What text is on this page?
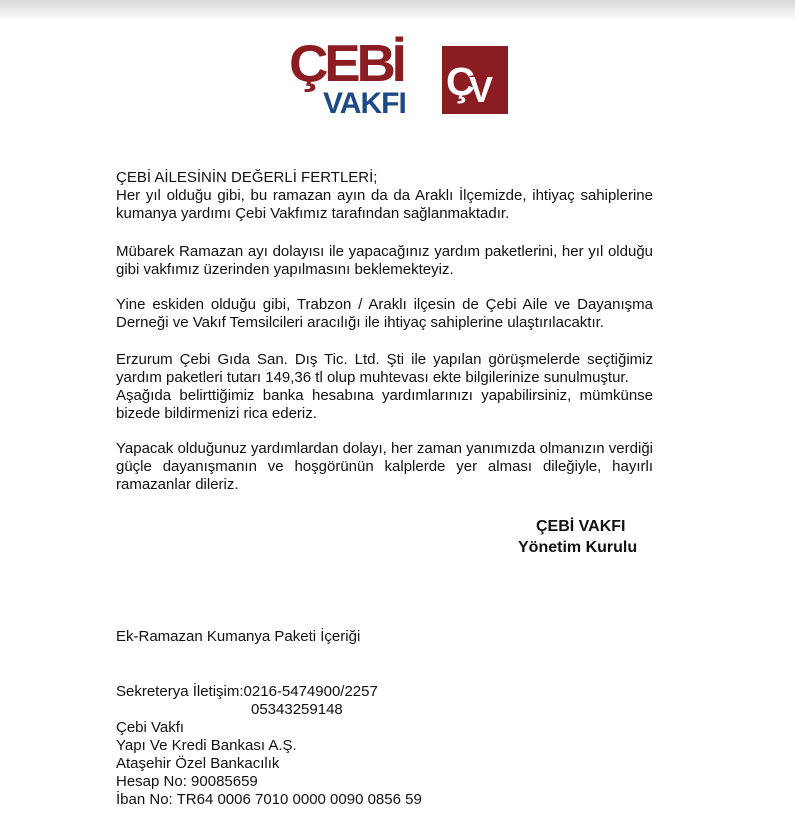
ÇEBİ
VAKFI Ç
V
ÇEBİ AİLESİNİN DEĞERLİ FERTLERİ;

Her yıl olduğu gibi, bu ramazan ayın da da Araklı İlçemizde, ihtiyaç sahiplerine kumanya yardımı Çebi Vakfımız tarafından sağlanmaktadır.

Mübarek Ramazan ayı dolayısı ile yapacağınız yardım paketlerini, her yıl olduğu gibi vakfımız üzerinden yapılmasını beklemekteyiz.

Yine eskiden olduğu gibi, Trabzon / Araklı ilçesin de Çebi Aile ve Dayanışma Derneği ve Vakıf Temsilcileri aracılığı ile ihtiyaç sahiplerine ulaştırılacaktır.

Erzurum Çebi Gıda San. Dış Tic. Ltd. Şti ile yapılan görüşmelerde seçtiğimiz yardım paketleri tutarı 149,36 tl olup muhtevası ekte bilgilerinize sunulmuştur.

Aşağıda belirttiğimiz banka hesabına yardımlarınızı yapabilirsiniz, mümkünse bizede bildirmenizi rica ederiz.

Yapacak olduğunuz yardımlardan dolayı, her zaman yanımızda olmanızın verdiği güçle dayanışmanın ve hoşgörünün kalplerde yer alması dileğiyle, hayırlı ramazanlar dileriz.

ÇEBİ VAKFI
Yönetim Kurulu
Ek-Ramazan Kumanya Paketi İçeriği
Sekreterya İletişim:0216-5474900/2257
05343259148
Çebi Vakfı
Yapı Ve Kredi Bankası A.Ş.
Ataşehir Özel Bankacılık
Hesap No: 90085659
İban No: TR64 0006 7010 0000 0090 0856 59
